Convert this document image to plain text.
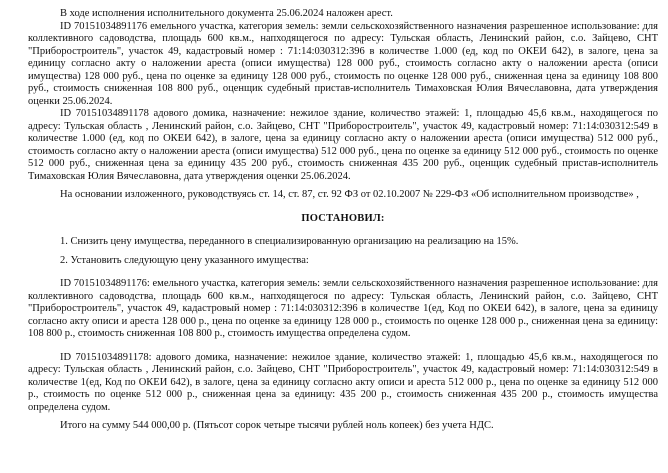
В ходе исполнения исполнительного документа 25.06.2024 наложен арест.

ID 70151034891176 емельного участка, категория земель: земли сельскохозяйственного назначения разрешенное использование: для коллективного садоводства, площадь 600 кв.м., напходящегося по адресу: Тульская область, Ленинский район, с.о. Зайцево, СНТ "Приборостроитель", участок 49, кадастровый номер : 71:14:030312:396 в количестве 1.000 (ед, код по ОКЕИ 642), в залоге, цена за единицу согласно акту о наложении ареста (описи имущества) 128 000 руб., стоимость согласно акту о наложении ареста (описи имущества) 128 000 руб., цена по оценке за единицу 128 000 руб., стоимость по оценке 128 000 руб., сниженная цена за единицу 108 800 руб., стоимость сниженная 108 800 руб., оценщик судебный пристав-исполнитель Тимаховская Юлия Вячеславовна, дата утверждения оценки 25.06.2024.

ID 70151034891178 адового домика, назначение: нежилое здание, количество этажей: 1, площадью 45,6 кв.м., находящегося по адресу: Тульская область , Ленинский район, с.о. Зайцево, СНТ "Приборостроитель", участок 49, кадастровый номер: 71:14:030312:549 в количестве 1.000 (ед, код по ОКЕИ 642), в залоге, цена за единицу согласно акту о наложении ареста (описи имущества) 512 000 руб., стоимость согласно акту о наложении ареста (описи имущества) 512 000 руб., цена по оценке за единицу 512 000 руб., стоимость по оценке 512 000 руб., сниженная цена за единицу 435 200 руб., стоимость сниженная 435 200 руб., оценщик судебный пристав-исполнитель Тимаховская Юлия Вячеславовна, дата утверждения оценки 25.06.2024.

На основании изложенного, руководствуясь ст. 14, ст. 87, ст. 92 ФЗ от 02.10.2007 № 229-ФЗ «Об исполнительном производстве» ,

ПОСТАНОВИЛ:

1. Снизить цену имущества, переданного в специализированную организацию на реализацию на 15%.

2. Установить следующую цену указанного имущества:

ID 70151034891176: емельного участка, категория земель: земли сельскохозяйственного назначения разрешенное использование: для коллективного садоводства, площадь 600 кв.м., напходящегося по адресу: Тульская область, Ленинский район, с.о. Зайцево, СНТ "Приборостроитель", участок 49, кадастровый номер : 71:14:030312:396 в количестве 1(ед, Код по ОКЕИ 642), в залоге, цена за единицу согласно акту описи и ареста 128 000 р., цена по оценке за единицу 128 000 р., стоимость по оценке 128 000 р., сниженная цена за единицу: 108 800 р., стоимость сниженная 108 800 р., стоимость имущества определена судом.

ID 70151034891178: адового домика, назначение: нежилое здание, количество этажей: 1, площадью 45,6 кв.м., находящегося по адресу: Тульская область , Ленинский район, с.о. Зайцево, СНТ "Приборостроитель", участок 49, кадастровый номер: 71:14:030312:549 в количестве 1(ед, Код по ОКЕИ 642), в залоге, цена за единицу согласно акту описи и ареста 512 000 р., цена по оценке за единицу 512 000 р., стоимость по оценке 512 000 р., сниженная цена за единицу: 435 200 р., стоимость сниженная 435 200 р., стоимость имущества определена судом.

Итого на сумму 544 000,00 р. (Пятьсот сорок четыре тысячи рублей ноль копеек) без учета НДС.
